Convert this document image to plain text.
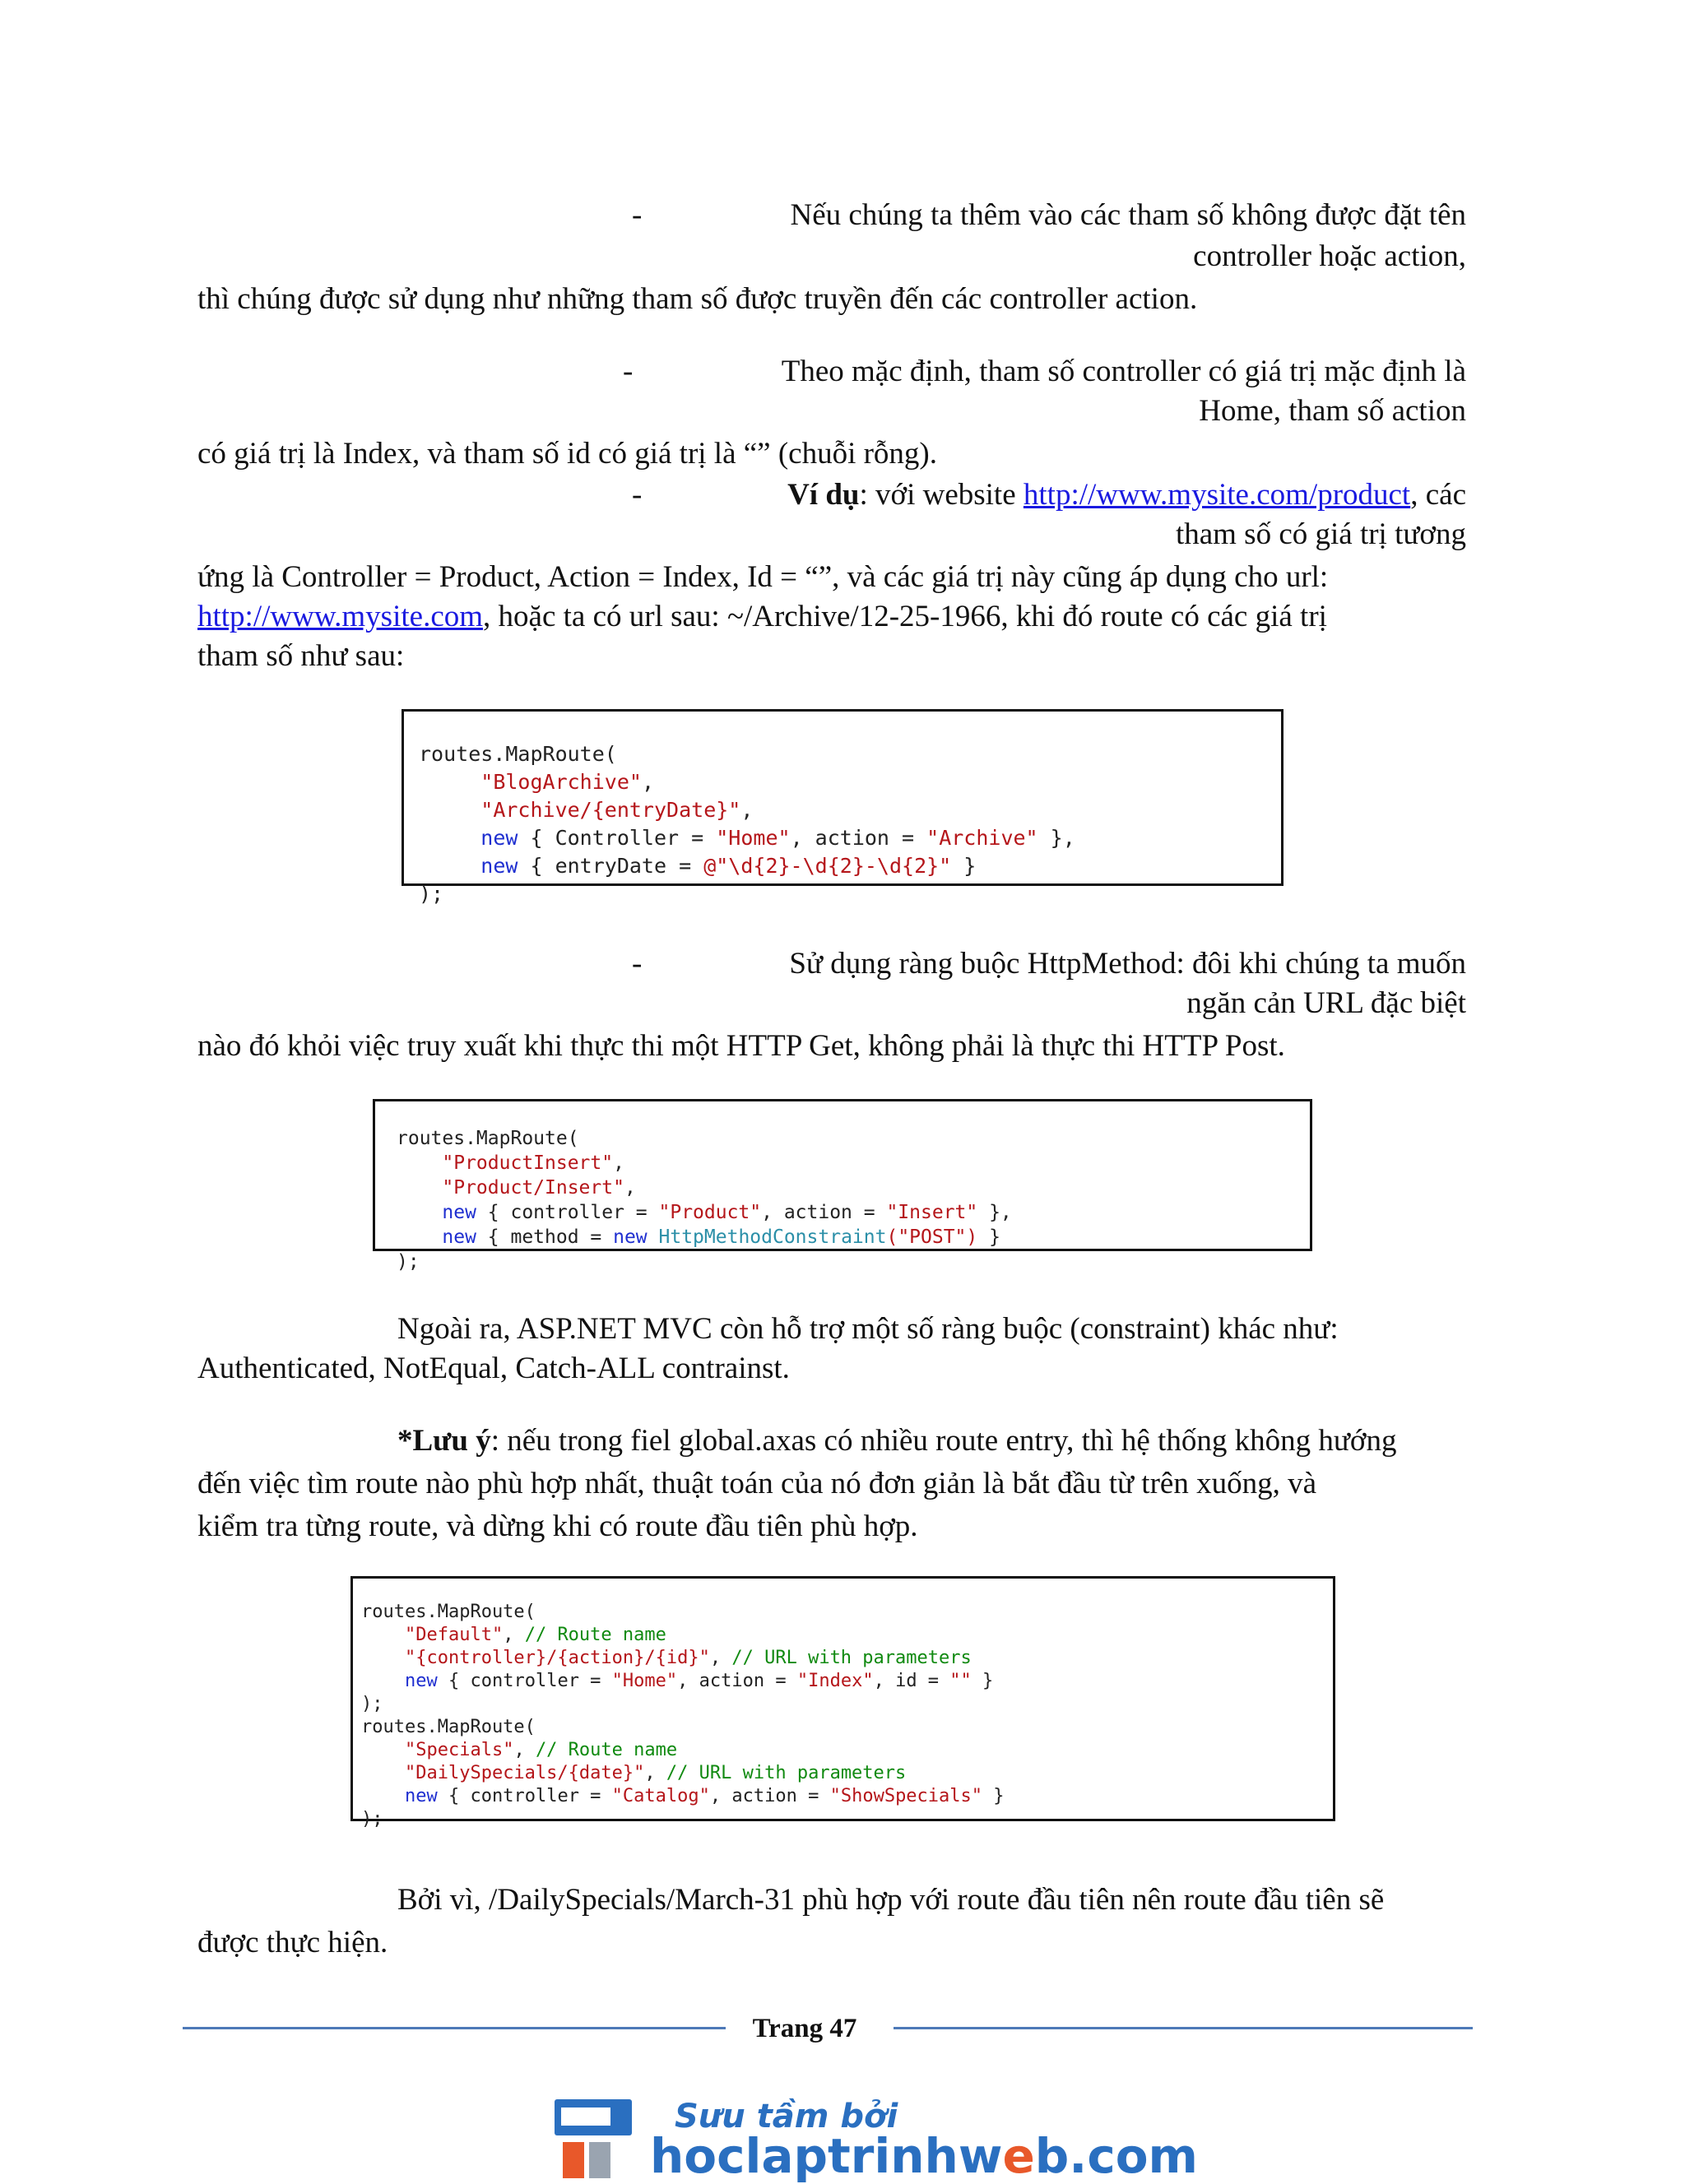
-	Nếu chúng ta thêm vào các tham số không được đặt tên
controller hoặc action,
thì chúng được sử dụng như những tham số được truyền đến các controller action.
-	Theo mặc định, tham số controller có giá trị mặc định là
Home, tham số action
có giá trị là Index, và tham số id có giá trị là “” (chuỗi rỗng).
-	Ví dụ: với website http://www.mysite.com/product, các
tham số có giá trị tương
ứng là Controller = Product, Action = Index, Id = “”, và các giá trị này cũng áp dụng cho url:
http://www.mysite.com, hoặc ta có url sau: ~/Archive/12-25-1966, khi đó route có các giá trị
tham số như sau:

routes.MapRoute(
"BlogArchive",
"Archive/{entryDate}",
new { Controller = "Home", action = "Archive" },
new { entryDate = @"\d{2}-\d{2}-\d{2}" }
);
-	Sử dụng ràng buộc HttpMethod: đôi khi chúng ta muốn
ngăn cản URL đặc biệt
nào đó khỏi việc truy xuất khi thực thi một HTTP Get, không phải là thực thi HTTP Post.

routes.MapRoute(
"ProductInsert",
"Product/Insert",
new { controller = "Product", action = "Insert" },
new { method = new HttpMethodConstraint("POST") }
);
Ngoài ra, ASP.NET MVC còn hỗ trợ một số ràng buộc (constraint) khác như:
Authenticated, NotEqual, Catch-ALL contrainst.
*Lưu ý: nếu trong fiel global.axas có nhiều route entry, thì hệ thống không hướng
đến việc tìm route nào phù hợp nhất, thuật toán của nó đơn giản là bắt đầu từ trên xuống, và
kiểm tra từng route, và dừng khi có route đầu tiên phù hợp.

routes.MapRoute(
"Default", // Route name
"{controller}/{action}/{id}", // URL with parameters
new { controller = "Home", action = "Index", id = "" }
);
routes.MapRoute(
"Specials", // Route name
"DailySpecials/{date}", // URL with parameters
new { controller = "Catalog", action = "ShowSpecials" }
);
Bởi vì, /DailySpecials/March-31 phù hợp với route đầu tiên nên route đầu tiên sẽ
được thực hiện.
Trang 47
Sưu tầm bởi
hoclaptrinhweb.com
